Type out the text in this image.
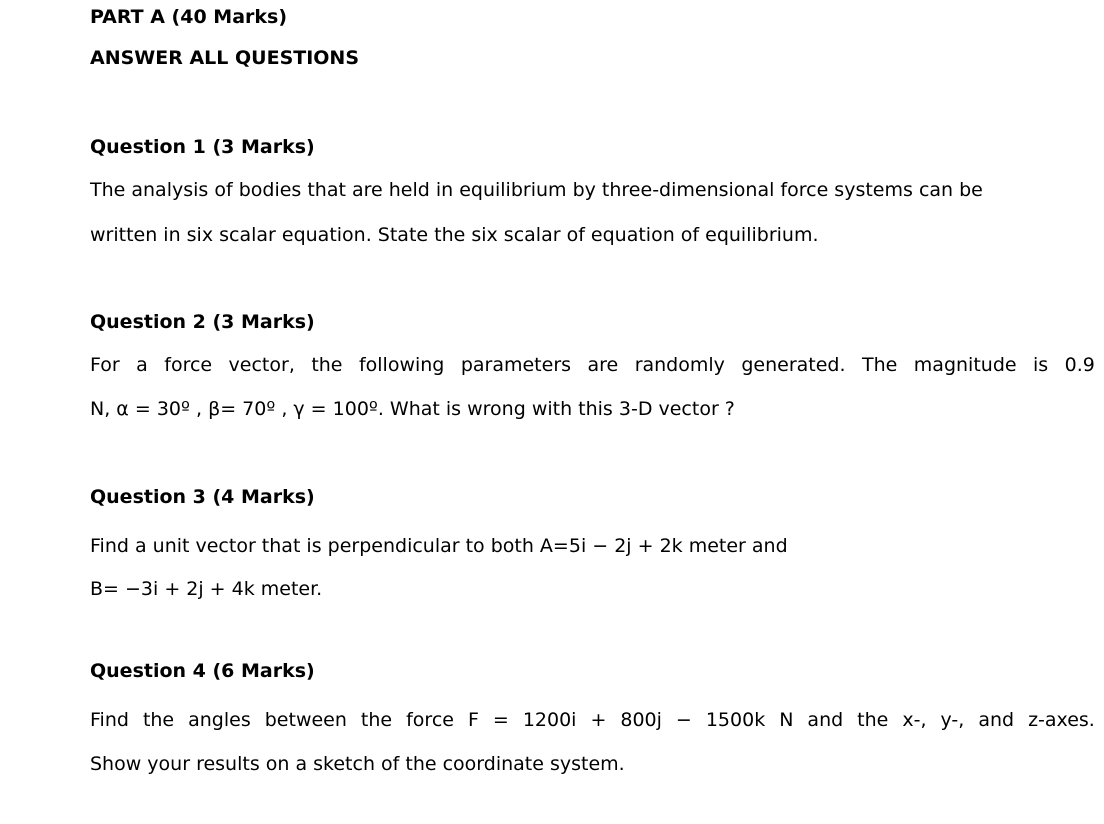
PART A (40 Marks)

ANSWER ALL QUESTIONS

Question 1 (3 Marks)

The analysis of bodies that are held in equilibrium by three-dimensional force systems can be

written in six scalar equation. State the six scalar of equation of equilibrium.

Question 2 (3 Marks)

For a force vector, the following parameters are randomly generated. The magnitude is 0.9

N, α = 30º , β= 70º , γ = 100º. What is wrong with this 3-D vector ?

Question 3 (4 Marks)

Find a unit vector that is perpendicular to both A=5i − 2j + 2k meter and

B= −3i + 2j + 4k meter.

Question 4 (6 Marks)

Find the angles between the force F = 1200i + 800j − 1500k N and the x-, y-, and z-axes.

Show your results on a sketch of the coordinate system.
